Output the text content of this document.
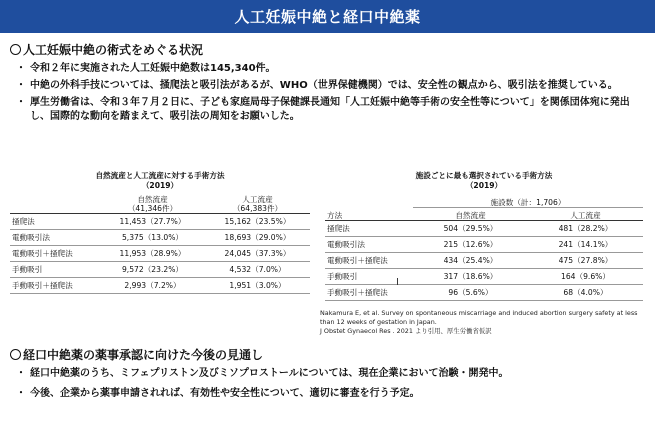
人工妊娠中絶と経口中絶薬
人工妊娠中絶の術式をめぐる状況
・ 令和２年に実施された人工妊娠中絶数は145,340件。
・ 中絶の外科手技については、掻爬法と吸引法があるが、WHO（世界保健機関）では、安全性の観点から、吸引法を推奨している。
・ 厚生労働省は、令和３年７月２日に、子ども家庭局母子保健課長通知「人工妊娠中絶等手術の安全性等について」を関係団体宛に発出し、国際的な動向を踏まえて、吸引法の周知をお願いした。
自然流産と人工流産に対する手術方法
（2019）
	自然流産
（41,346件）	人工流産
（64,383件）
掻爬法	11,453（27.7%）	15,162（23.5%）
電動吸引法	5,375（13.0%）	18,693（29.0%）
電動吸引＋掻爬法	11,953（28.9%）	24,045（37.3%）
手動吸引	9,572（23.2%）	4,532（7.0%）
手動吸引＋掻爬法	2,993（7.2%）	1,951（3.0%）
施設ごとに最も選択されている手術方法
（2019）
	施設数（計：1,706）	
方法	自然流産	人工流産
掻爬法	504（29.5%）	481（28.2%）
電動吸引法	215（12.6%）	241（14.1%）
電動吸引＋掻爬法	434（25.4%）	475（27.8%）
手動吸引	317（18.6%）	164（9.6%）
手動吸引＋掻爬法	96（5.6%）	68（4.0%）
I
Nakamura E, et al. Survey on spontaneous miscarriage and induced abortion surgery safety at less than 12 weeks of gestation in Japan.
J Obstet Gynaecol Res . 2021 より引用、厚生労働省仮訳
経口中絶薬の薬事承認に向けた今後の見通し
・ 経口中絶薬のうち、ミフェプリストン及びミソプロストールについては、現在企業において治験・開発中。
・ 今後、企業から薬事申請されれば、有効性や安全性について、適切に審査を行う予定。
